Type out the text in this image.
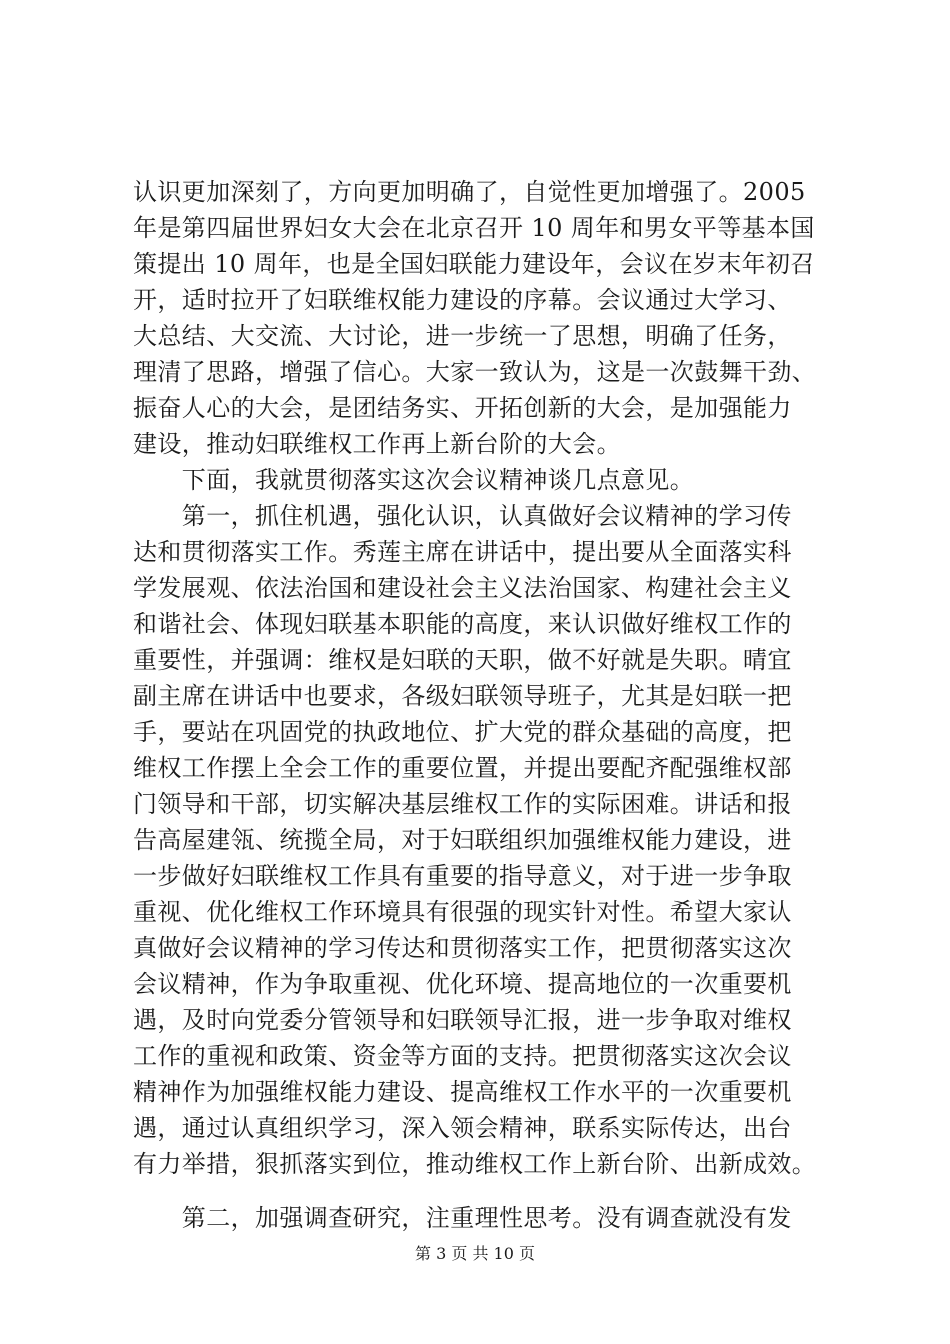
认识更加深刻了，方向更加明确了，自觉性更加增强了。2005
年是第四届世界妇女大会在北京召开 10 周年和男女平等基本国
策提出 10 周年，也是全国妇联能力建设年，会议在岁末年初召
开，适时拉开了妇联维权能力建设的序幕。会议通过大学习、
大总结、大交流、大讨论，进一步统一了思想，明确了任务，
理清了思路，增强了信心。大家一致认为，这是一次鼓舞干劲、
振奋人心的大会，是团结务实、开拓创新的大会，是加强能力
建设，推动妇联维权工作再上新台阶的大会。
　　下面，我就贯彻落实这次会议精神谈几点意见。
　　第一，抓住机遇，强化认识，认真做好会议精神的学习传
达和贯彻落实工作。秀莲主席在讲话中，提出要从全面落实科
学发展观、依法治国和建设社会主义法治国家、构建社会主义
和谐社会、体现妇联基本职能的高度，来认识做好维权工作的
重要性，并强调：维权是妇联的天职，做不好就是失职。晴宜
副主席在讲话中也要求，各级妇联领导班子，尤其是妇联一把
手，要站在巩固党的执政地位、扩大党的群众基础的高度，把
维权工作摆上全会工作的重要位置，并提出要配齐配强维权部
门领导和干部，切实解决基层维权工作的实际困难。讲话和报
告高屋建瓴、统揽全局，对于妇联组织加强维权能力建设，进
一步做好妇联维权工作具有重要的指导意义，对于进一步争取
重视、优化维权工作环境具有很强的现实针对性。希望大家认
真做好会议精神的学习传达和贯彻落实工作，把贯彻落实这次
会议精神，作为争取重视、优化环境、提高地位的一次重要机
遇，及时向党委分管领导和妇联领导汇报，进一步争取对维权
工作的重视和政策、资金等方面的支持。把贯彻落实这次会议
精神作为加强维权能力建设、提高维权工作水平的一次重要机
遇，通过认真组织学习，深入领会精神，联系实际传达，出台
有力举措，狠抓落实到位，推动维权工作上新台阶、出新成效。
　　第二，加强调查研究，注重理性思考。没有调查就没有发
第 3 页 共 10 页
